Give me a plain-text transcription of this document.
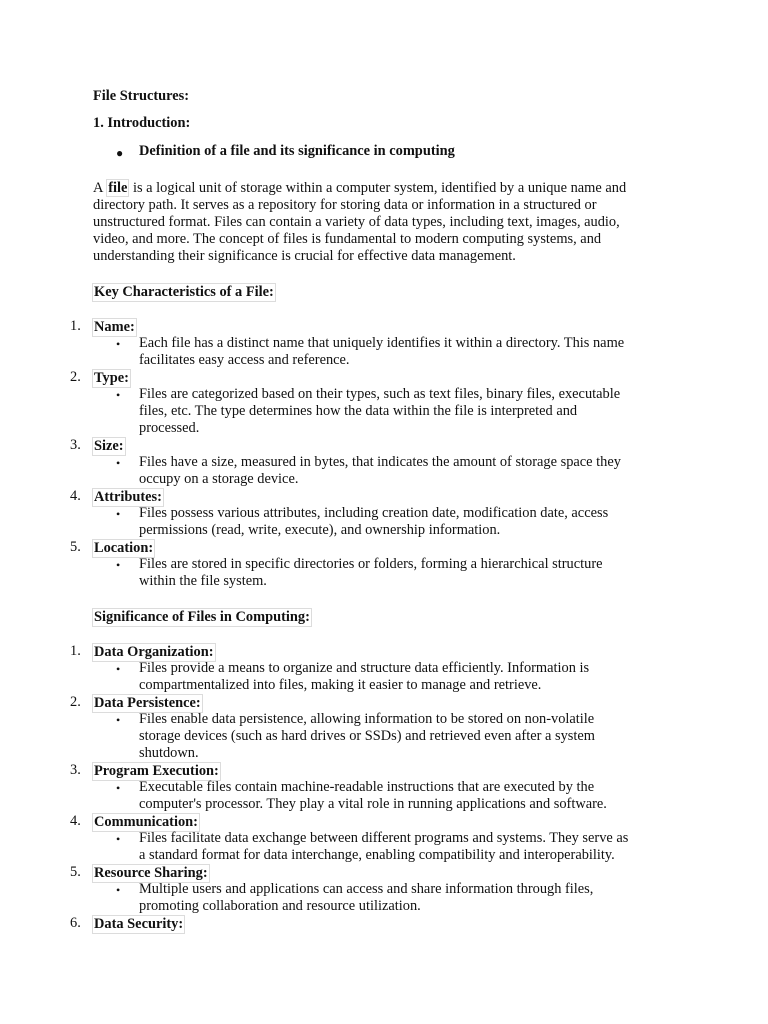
File Structures:
1. Introduction:
● Definition of a file and its significance in computing
A file is a logical unit of storage within a computer system, identified by a unique name and
directory path. It serves as a repository for storing data or information in a structured or
unstructured format. Files can contain a variety of data types, including text, images, audio,
video, and more. The concept of files is fundamental to modern computing systems, and
understanding their significance is crucial for effective data management.
Key Characteristics of a File:
Significance of Files in Computing:
1. Name:
• Each file has a distinct name that uniquely identifies it within a directory. This name
facilitates easy access and reference.
2. Type:
• Files are categorized based on their types, such as text files, binary files, executable
files, etc. The type determines how the data within the file is interpreted and
processed.
3. Size:
• Files have a size, measured in bytes, that indicates the amount of storage space they
occupy on a storage device.
4. Attributes:
• Files possess various attributes, including creation date, modification date, access
permissions (read, write, execute), and ownership information.
5. Location:
• Files are stored in specific directories or folders, forming a hierarchical structure
within the file system.
1. Data Organization:
• Files provide a means to organize and structure data efficiently. Information is
compartmentalized into files, making it easier to manage and retrieve.
2. Data Persistence:
• Files enable data persistence, allowing information to be stored on non-volatile
storage devices (such as hard drives or SSDs) and retrieved even after a system
shutdown.
3. Program Execution:
• Executable files contain machine-readable instructions that are executed by the
computer's processor. They play a vital role in running applications and software.
4. Communication:
• Files facilitate data exchange between different programs and systems. They serve as
a standard format for data interchange, enabling compatibility and interoperability.
5. Resource Sharing:
• Multiple users and applications can access and share information through files,
promoting collaboration and resource utilization.
6. Data Security:
